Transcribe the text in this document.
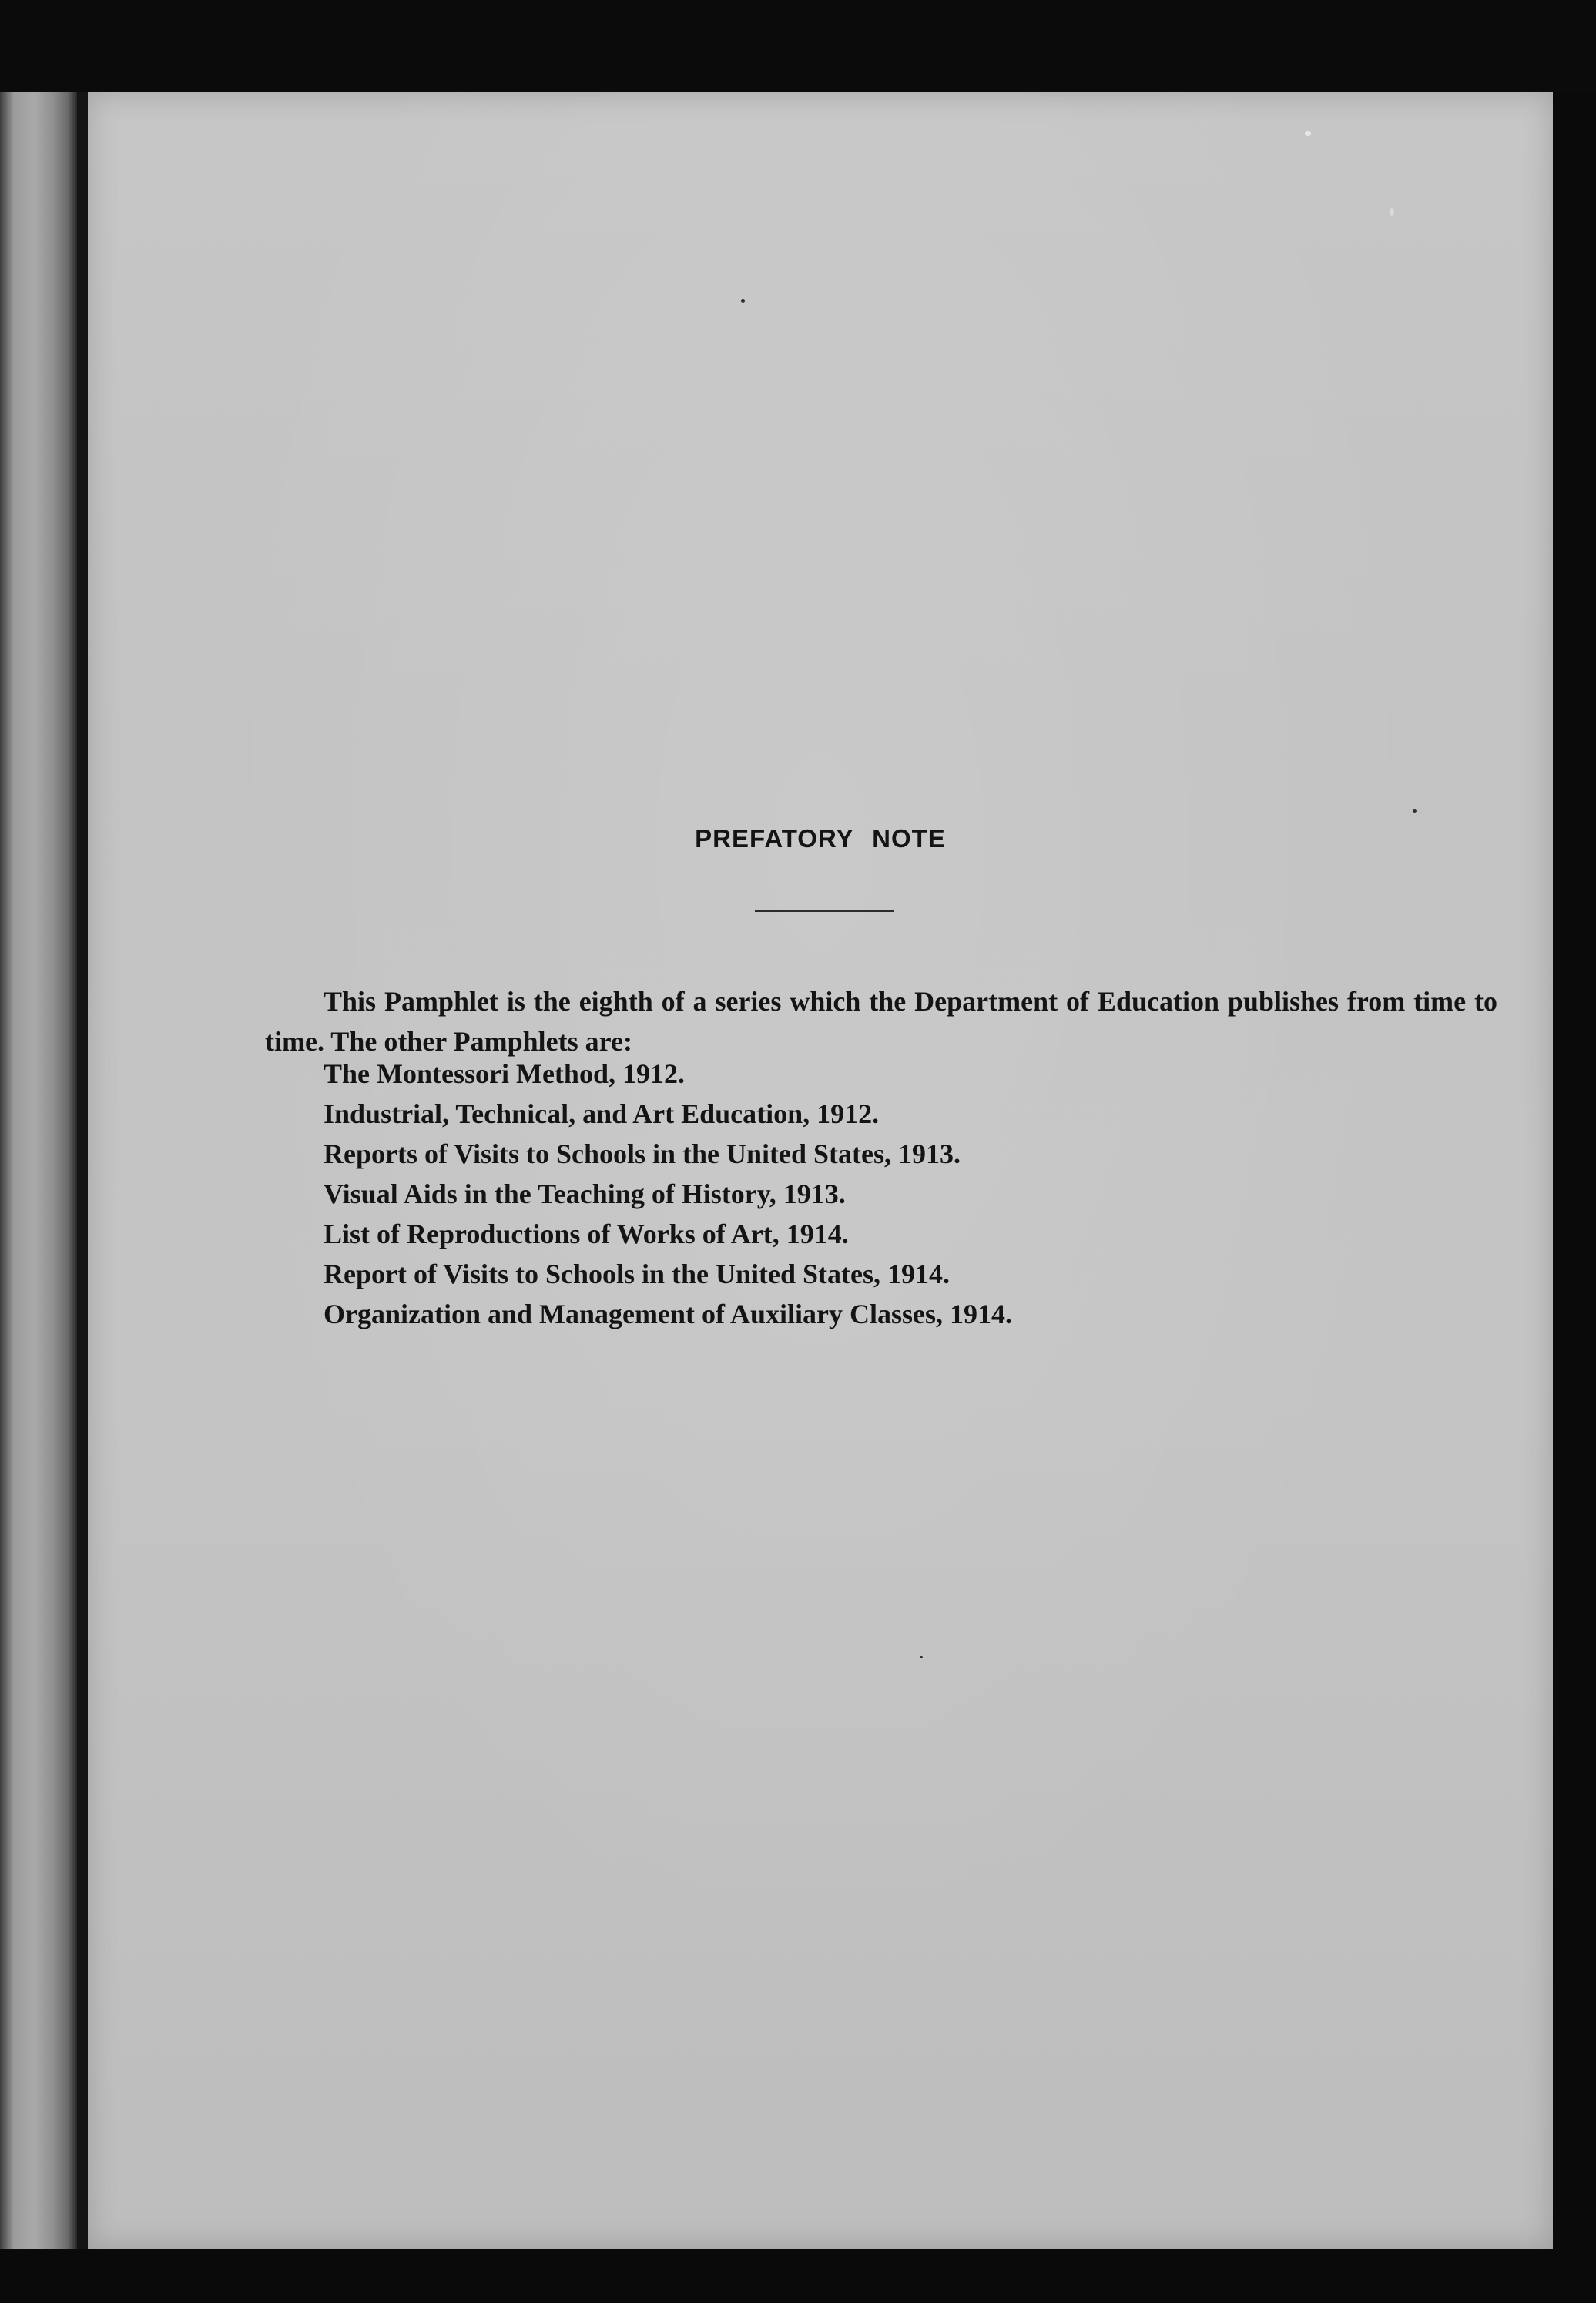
PREFATORY NOTE

This Pamphlet is the eighth of a series which the Department of Education publishes from time to time. The other Pamphlets are:

The Montessori Method, 1912.
Industrial, Technical, and Art Education, 1912.
Reports of Visits to Schools in the United States, 1913.
Visual Aids in the Teaching of History, 1913.
List of Reproductions of Works of Art, 1914.
Report of Visits to Schools in the United States, 1914.
Organization and Management of Auxiliary Classes, 1914.
